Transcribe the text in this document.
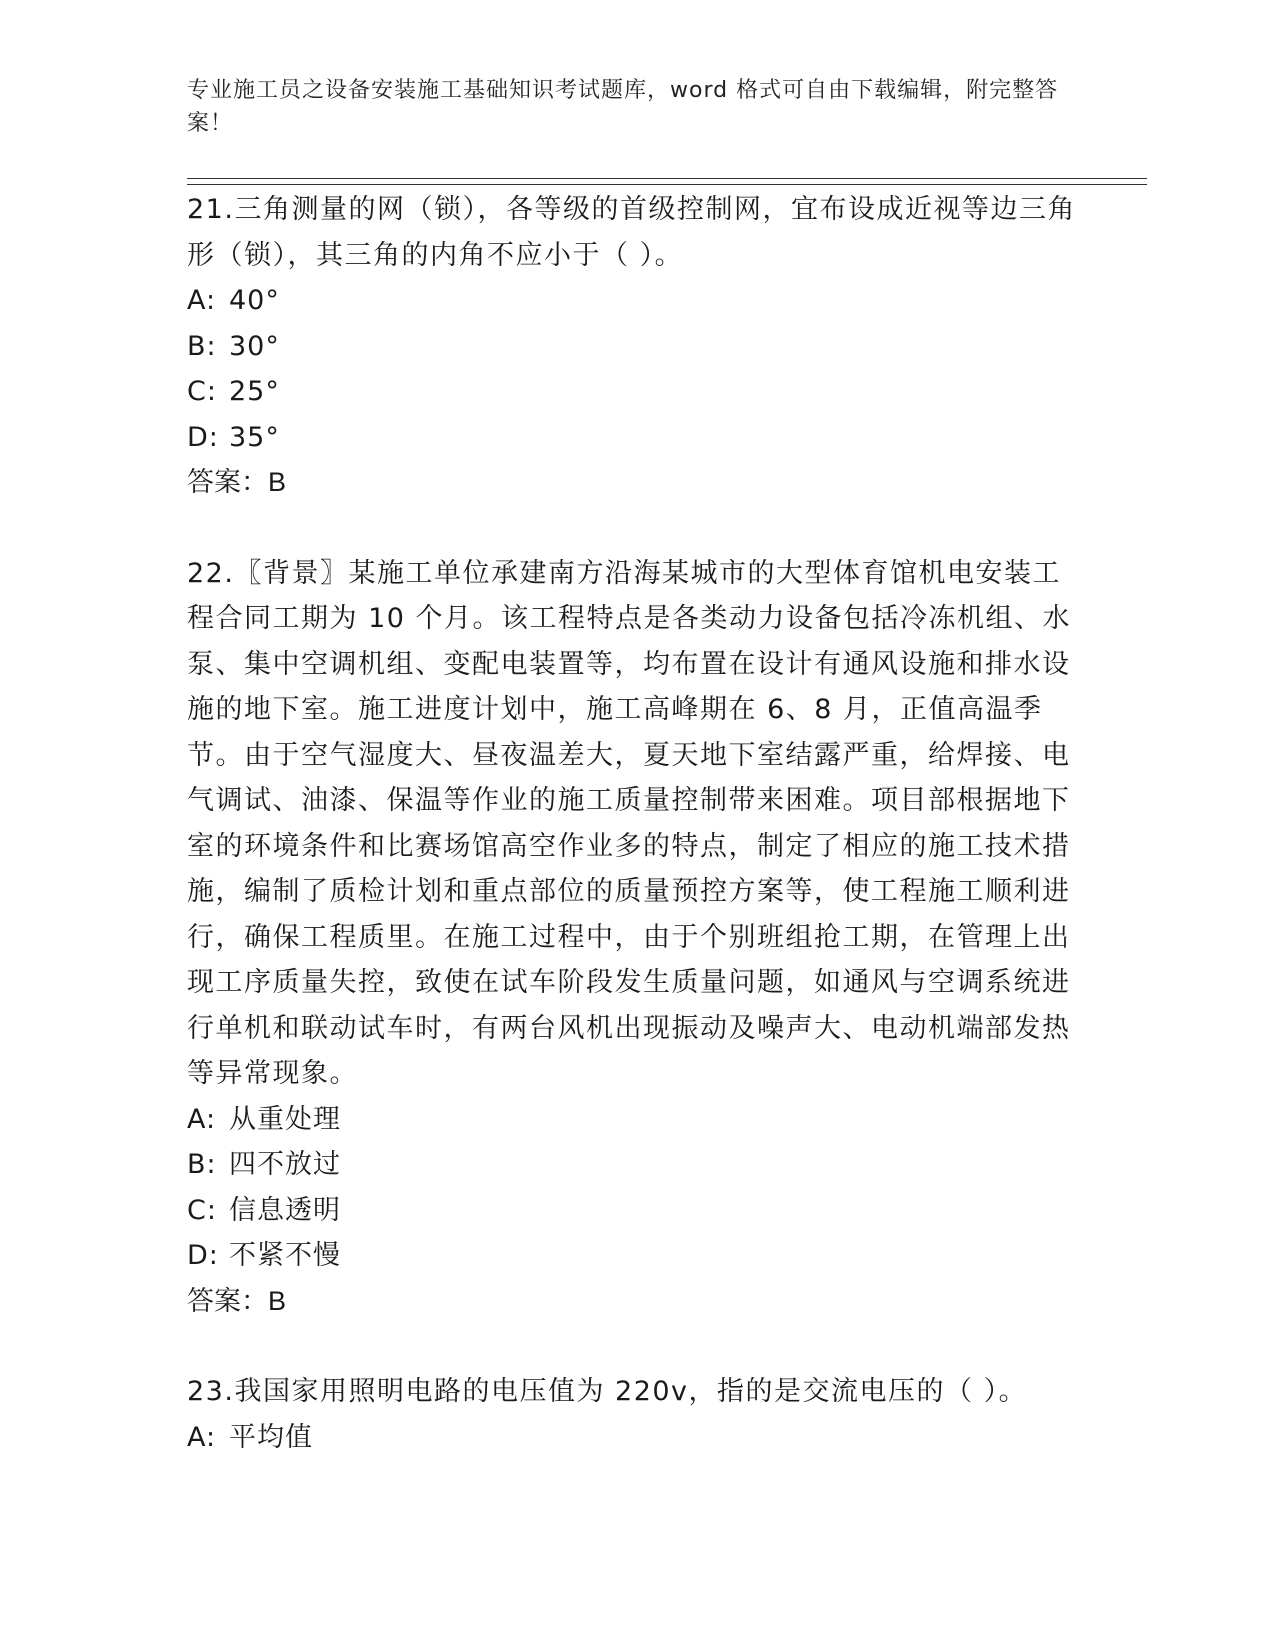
专业施工员之设备安装施工基础知识考试题库，word 格式可自由下载编辑，附完整答案！

21.三角测量的网（锁），各等级的首级控制网，宜布设成近视等边三角形（锁），其三角的内角不应小于（ ）。

A: 40°

B: 30°

C: 25°

D: 35°

答案：B

22.〖背景〗某施工单位承建南方沿海某城市的大型体育馆机电安装工程合同工期为 10 个月。该工程特点是各类动力设备包括冷冻机组、水泵、集中空调机组、变配电装置等，均布置在设计有通风设施和排水设施的地下室。施工进度计划中，施工高峰期在 6、8 月，正值高温季节。由于空气湿度大、昼夜温差大，夏天地下室结露严重，给焊接、电气调试、油漆、保温等作业的施工质量控制带来困难。项目部根据地下室的环境条件和比赛场馆高空作业多的特点，制定了相应的施工技术措施，编制了质检计划和重点部位的质量预控方案等，使工程施工顺利进行，确保工程质里。在施工过程中，由于个别班组抢工期，在管理上出现工序质量失控，致使在试车阶段发生质量问题，如通风与空调系统进行单机和联动试车时，有两台风机出现振动及噪声大、电动机端部发热等异常现象。

A: 从重处理

B: 四不放过

C: 信息透明

D: 不紧不慢

答案：B

23.我国家用照明电路的电压值为 220v，指的是交流电压的（ ）。

A: 平均值
